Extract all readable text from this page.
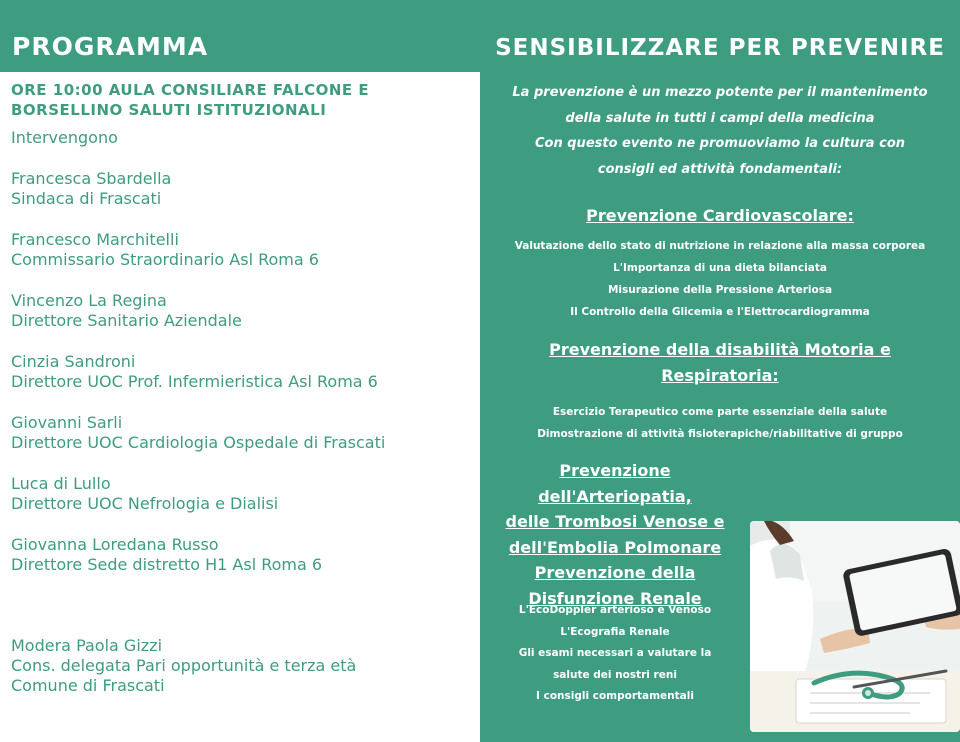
PROGRAMMA

ORE 10:00 AULA CONSILIARE FALCONE E BORSELLINO SALUTI ISTITUZIONALI

Intervengono

Francesca Sbardella
Sindaca di Frascati
Francesco Marchitelli
Commissario Straordinario Asl Roma 6
Vincenzo La Regina
Direttore Sanitario Aziendale
Cinzia Sandroni
Direttore UOC Prof. Infermieristica Asl Roma 6
Giovanni Sarli
Direttore UOC Cardiologia Ospedale di Frascati
Luca di Lullo
Direttore UOC Nefrologia e Dialisi
Giovanna Loredana Russo
Direttore Sede distretto H1 Asl Roma 6
Modera Paola Gizzi
Cons. delegata Pari opportunità e terza età
Comune di Frascati
SENSIBILIZZARE PER PREVENIRE
La prevenzione è un mezzo potente per il mantenimento
della salute in tutti i campi della medicina
Con questo evento ne promuoviamo la cultura con
consigli ed attività fondamentali:
Prevenzione Cardiovascolare:
Valutazione dello stato di nutrizione in relazione alla massa corporea
L'Importanza di una dieta bilanciata
Misurazione della Pressione Arteriosa
Il Controllo della Glicemia e l'Elettrocardiogramma
Prevenzione della disabilità Motoria e
Respiratoria:
Esercizio Terapeutico come parte essenziale della salute
Dimostrazione di attività fisioterapiche/riabilitative di gruppo
Prevenzione dell'Arteriopatia,
delle Trombosi Venose e
dell'Embolia Polmonare
Prevenzione della
Disfunzione Renale
L'EcoDoppler arterioso e Venoso
L'Ecografia Renale
Gli esami necessari a valutare la
salute dei nostri reni
I consigli comportamentali
